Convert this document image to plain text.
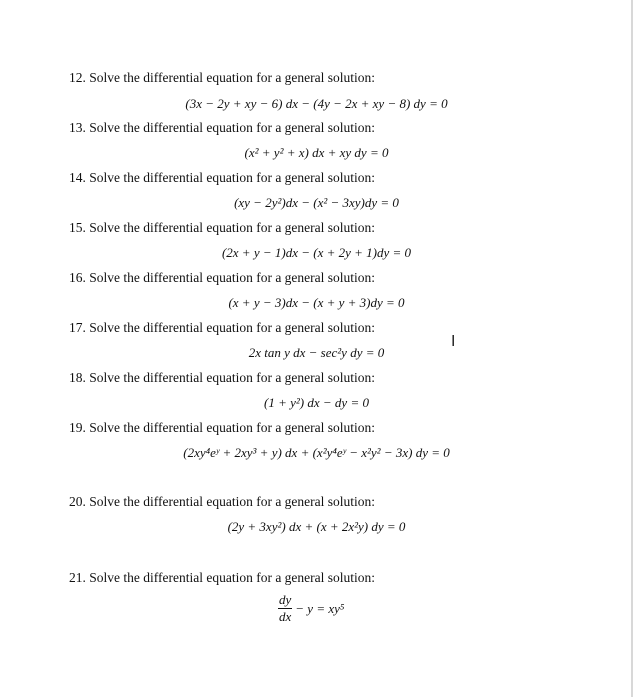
12. Solve the differential equation for a general solution:
(3x − 2y + xy − 6) dx − (4y − 2x + xy − 8) dy = 0
13. Solve the differential equation for a general solution:
(x² + y² + x) dx + xy dy = 0
14. Solve the differential equation for a general solution:
(xy − 2y²)dx − (x² − 3xy)dy = 0
15. Solve the differential equation for a general solution:
(2x + y − 1)dx − (x + 2y + 1)dy = 0
16. Solve the differential equation for a general solution:
(x + y − 3)dx − (x + y + 3)dy = 0
17. Solve the differential equation for a general solution:
2x tan y dx − sec²y dy = 0
18. Solve the differential equation for a general solution:
(1 + y²) dx − dy = 0
19. Solve the differential equation for a general solution:
(2xy⁴eʸ + 2xy³ + y) dx + (x²y⁴eʸ − x²y² − 3x) dy = 0
20. Solve the differential equation for a general solution:
(2y + 3xy²) dx + (x + 2x²y) dy = 0
21. Solve the differential equation for a general solution:
$\frac{dy}{dx} - y = xy^5$
I
